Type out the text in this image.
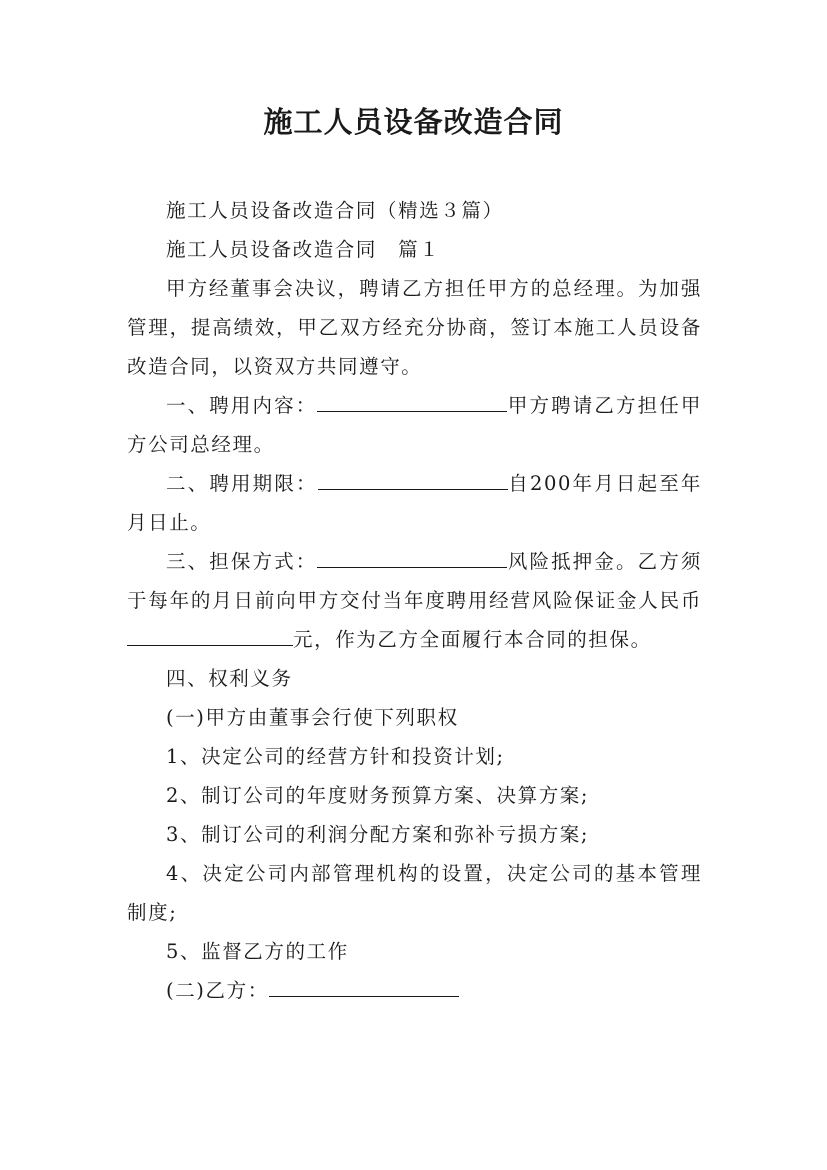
施工人员设备改造合同

施工人员设备改造合同（精选３篇）

施工人员设备改造合同　篇１

甲方经董事会决议，聘请乙方担任甲方的总经理。为加强管理，提高绩效，甲乙双方经充分协商，签订本施工人员设备改造合同，以资双方共同遵守。

一、聘用内容：	甲方聘请乙方担任甲方公司总经理。

二、聘用期限：	自200年月日起至年月日止。

三、担保方式：	风险抵押金。乙方须于每年的月日前向甲方交付当年度聘用经营风险保证金人民币元，作为乙方全面履行本合同的担保。

四、权利义务

(一)甲方由董事会行使下列职权

1、决定公司的经营方针和投资计划;

2、制订公司的年度财务预算方案、决算方案;

3、制订公司的利润分配方案和弥补亏损方案;

4、决定公司内部管理机构的设置，决定公司的基本管理制度;

5、监督乙方的工作

(二)乙方：
